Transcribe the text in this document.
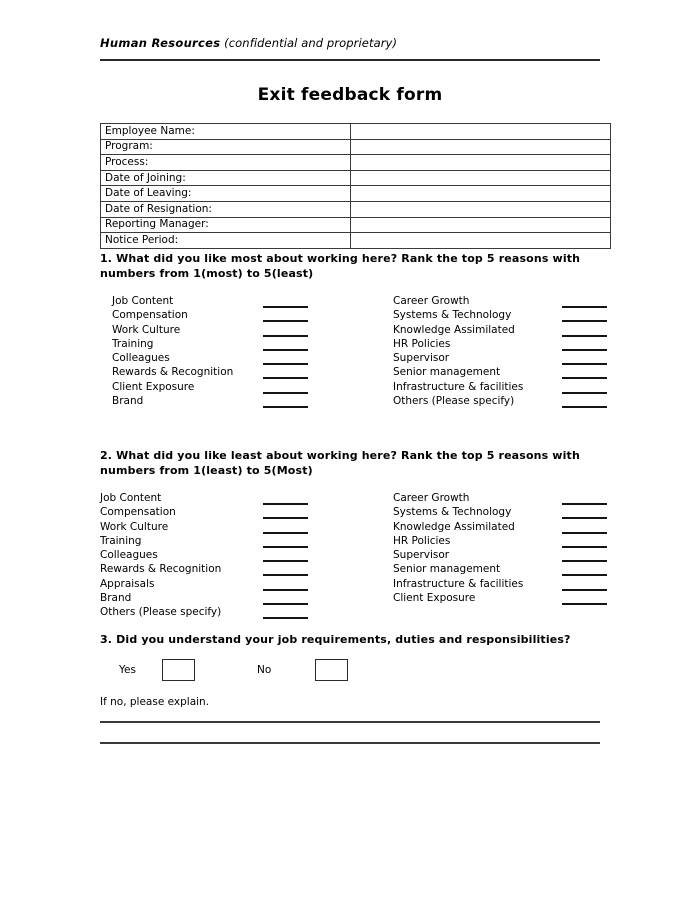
Human Resources (confidential and proprietary)
Exit feedback form
Employee Name:	
Program:	
Process:	
Date of Joining:	
Date of Leaving:	
Date of Resignation:	
Reporting Manager:	
Notice Period:	
1. What did you like most about working here? Rank the top 5 reasons with numbers from 1(most) to 5(least)
Job Content
Compensation
Work Culture
Training
Colleagues
Rewards & Recognition
Client Exposure
Brand
Career Growth
Systems & Technology
Knowledge Assimilated
HR Policies
Supervisor
Senior management
Infrastructure & facilities
Others (Please specify)
2. What did you like least about working here? Rank the top 5 reasons with numbers from 1(least) to 5(Most)
Job Content
Compensation
Work Culture
Training
Colleagues
Rewards & Recognition
Appraisals
Brand
Others (Please specify)
Career Growth
Systems & Technology
Knowledge Assimilated
HR Policies
Supervisor
Senior management
Infrastructure & facilities
Client Exposure
3. Did you understand your job requirements, duties and responsibilities?
Yes	No
If no, please explain.
